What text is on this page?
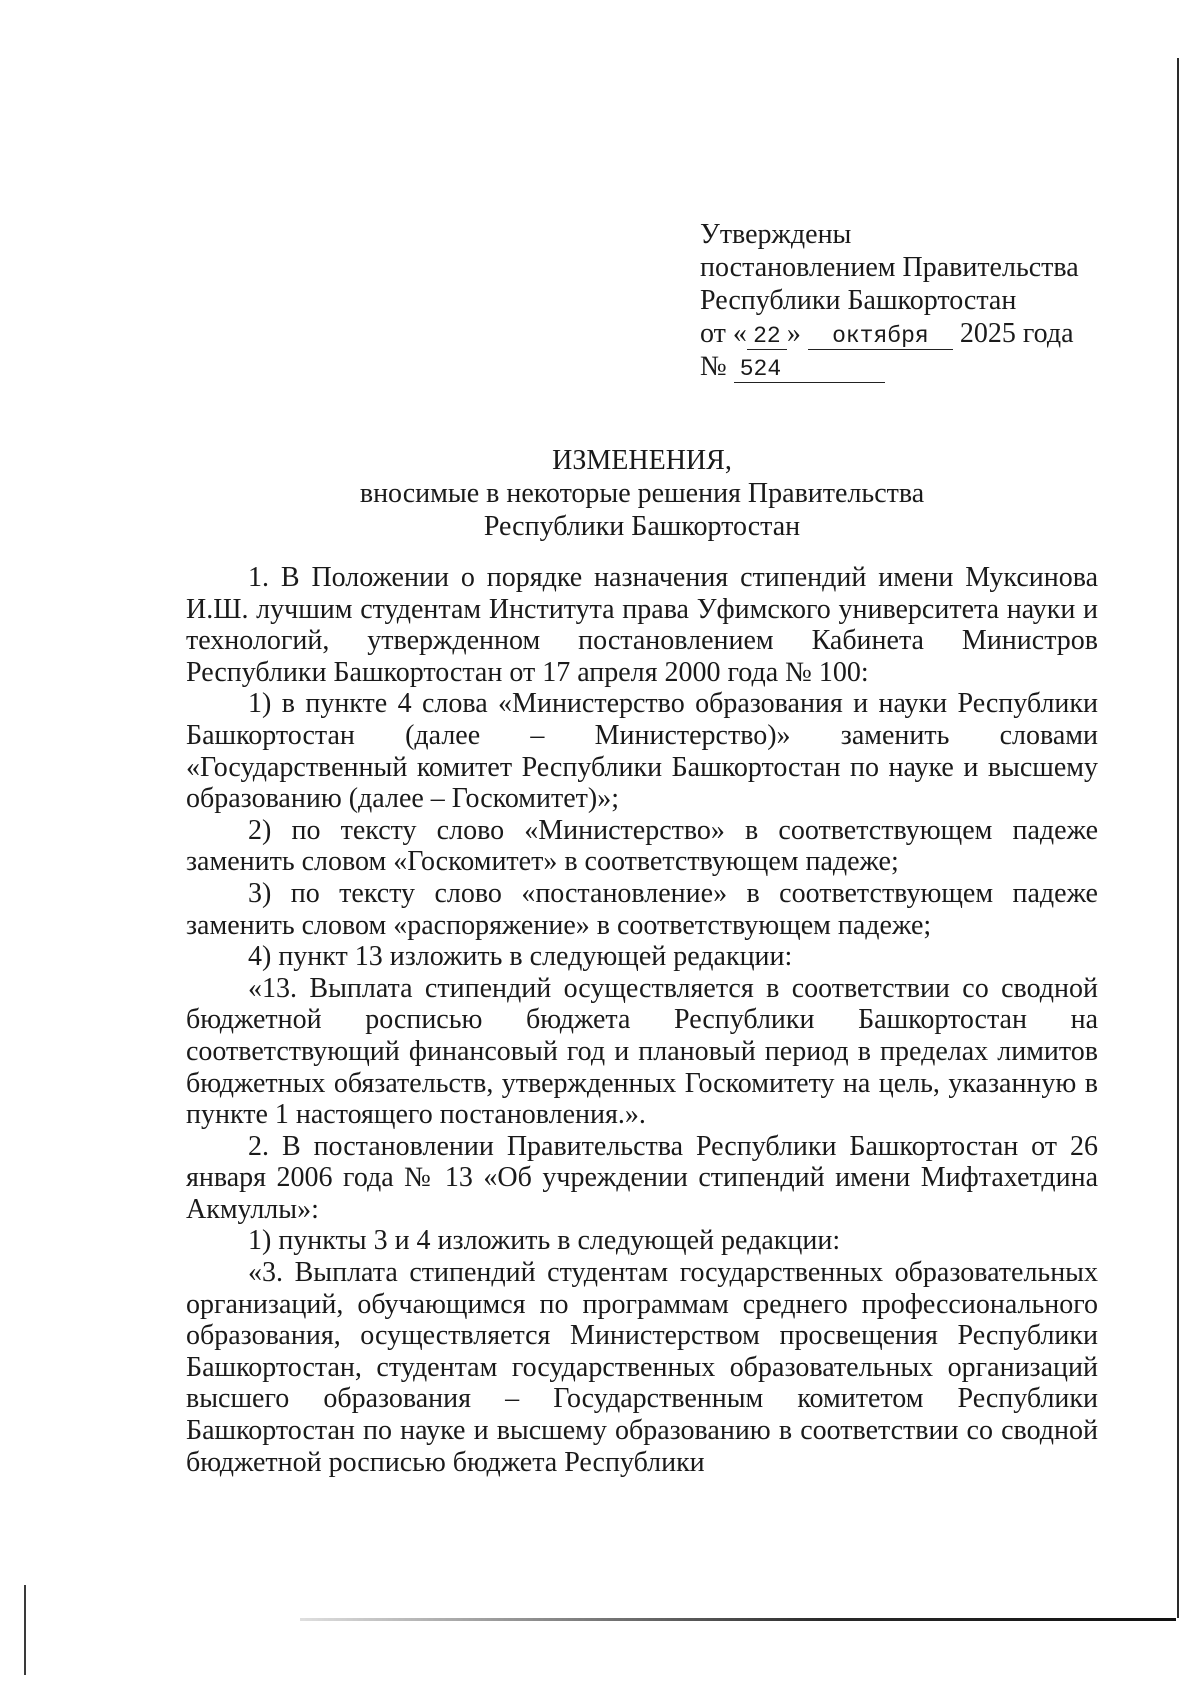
Утверждены
постановлением Правительства
Республики Башкортостан
от « 22 » октября 2025 года
№ 524
ИЗМЕНЕНИЯ,
вносимые в некоторые решения Правительства
Республики Башкортостан

1. В Положении о порядке назначения стипендий имени Муксинова И.Ш. лучшим студентам Института права Уфимского университета науки и технологий, утвержденном постановлением Кабинета Министров Республики Башкортостан от 17 апреля 2000 года № 100:

1) в пункте 4 слова «Министерство образования и науки Республики Башкортостан (далее – Министерство)» заменить словами «Государственный комитет Республики Башкортостан по науке и высшему образованию (далее – Госкомитет)»;

2) по тексту слово «Министерство» в соответствующем падеже заменить словом «Госкомитет» в соответствующем падеже;

3) по тексту слово «постановление» в соответствующем падеже заменить словом «распоряжение» в соответствующем падеже;

4) пункт 13 изложить в следующей редакции:

«13. Выплата стипендий осуществляется в соответствии со сводной бюджетной росписью бюджета Республики Башкортостан на соответствующий финансовый год и плановый период в пределах лимитов бюджетных обязательств, утвержденных Госкомитету на цель, указанную в пункте 1 настоящего постановления.».

2. В постановлении Правительства Республики Башкортостан от 26 января 2006 года № 13 «Об учреждении стипендий имени Мифтахетдина Акмуллы»:

1) пункты 3 и 4 изложить в следующей редакции:

«3. Выплата стипендий студентам государственных образовательных организаций, обучающимся по программам среднего профессионального образования, осуществляется Министерством просвещения Республики Башкортостан, студентам государственных образовательных организаций высшего образования – Государственным комитетом Республики Башкортостан по науке и высшему образованию в соответствии со сводной бюджетной росписью бюджета Республики
